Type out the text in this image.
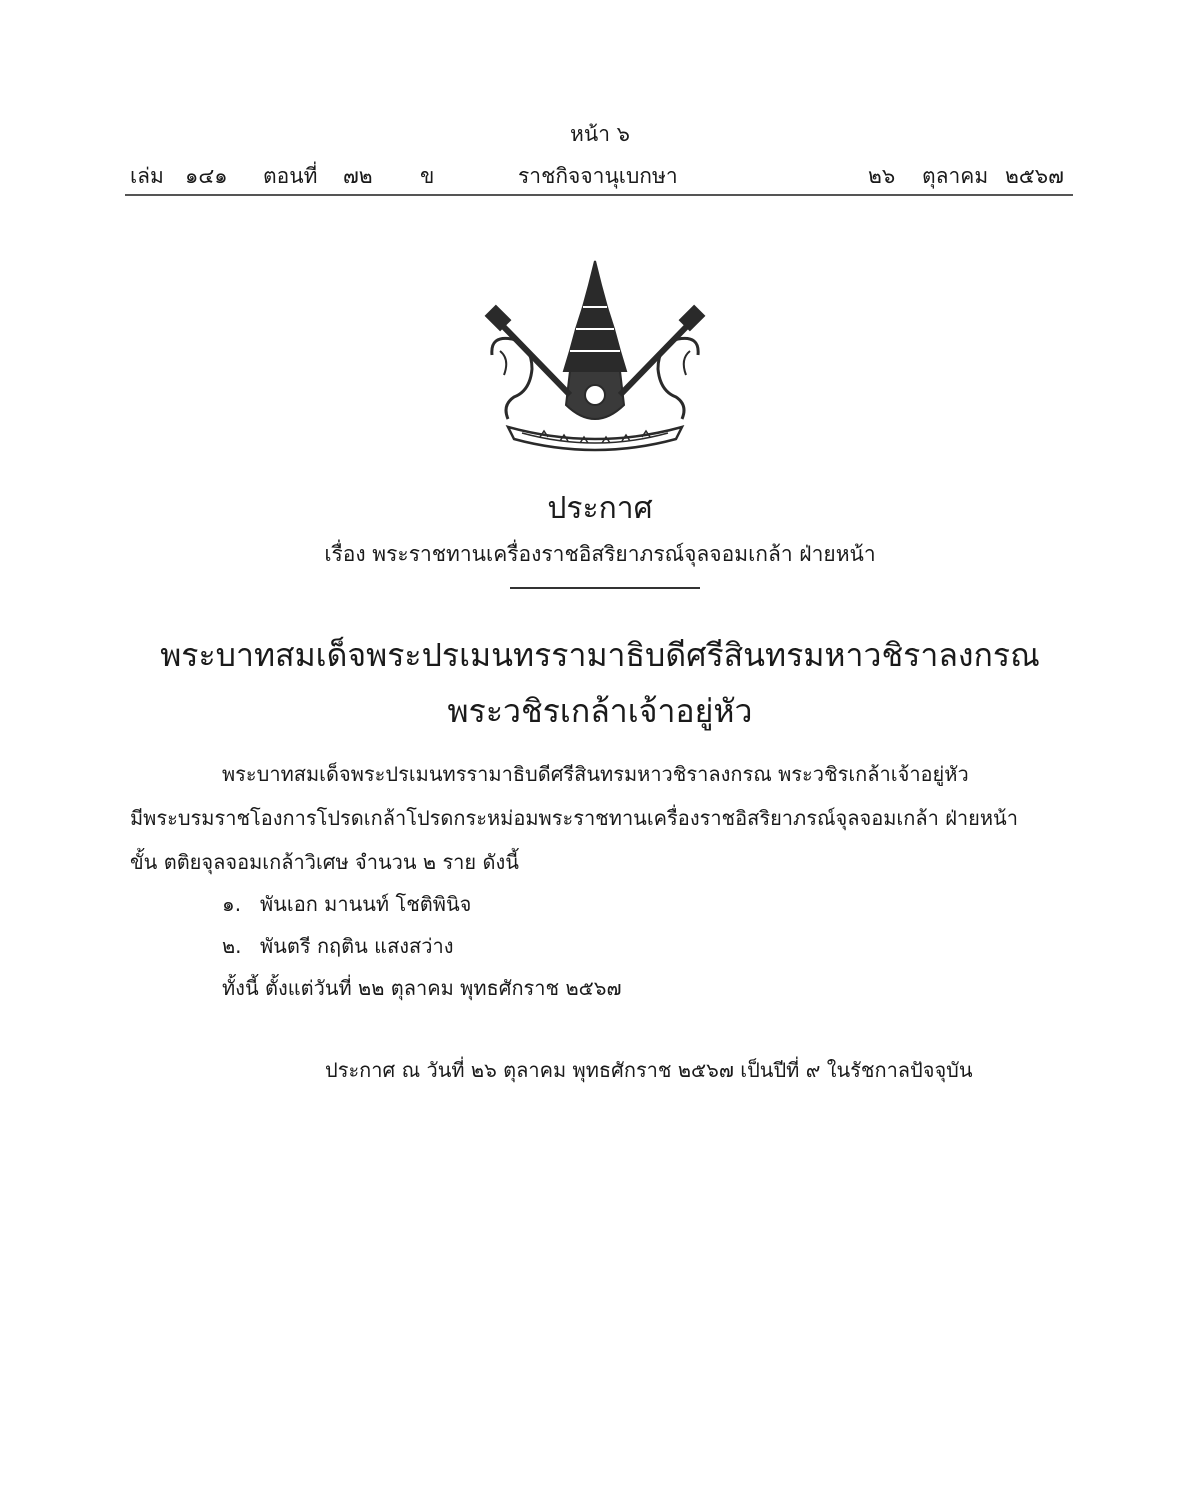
หน้า ๖
เล่ม ๑๔๑ ตอนที่ ๗๒ ข	ราชกิจจานุเบกษา	๒๖ ตุลาคม ๒๕๖๗
ประกาศ
เรื่อง พระราชทานเครื่องราชอิสริยาภรณ์จุลจอมเกล้า ฝ่ายหน้า
พระบาทสมเด็จพระปรเมนทรรามาธิบดีศรีสินทรมหาวชิราลงกรณ
พระวชิรเกล้าเจ้าอยู่หัว
พระบาทสมเด็จพระปรเมนทรรามาธิบดีศรีสินทรมหาวชิราลงกรณ พระวชิรเกล้าเจ้าอยู่หัว
มีพระบรมราชโองการโปรดเกล้าโปรดกระหม่อมพระราชทานเครื่องราชอิสริยาภรณ์จุลจอมเกล้า ฝ่ายหน้า
ขั้น ตติยจุลจอมเกล้าวิเศษ จำนวน ๒ ราย ดังนี้
๑. พันเอก มานนท์ โชติพินิจ
๒. พันตรี กฤติน แสงสว่าง
ทั้งนี้ ตั้งแต่วันที่ ๒๒ ตุลาคม พุทธศักราช ๒๕๖๗
ประกาศ ณ วันที่ ๒๖ ตุลาคม พุทธศักราช ๒๕๖๗ เป็นปีที่ ๙ ในรัชกาลปัจจุบัน
